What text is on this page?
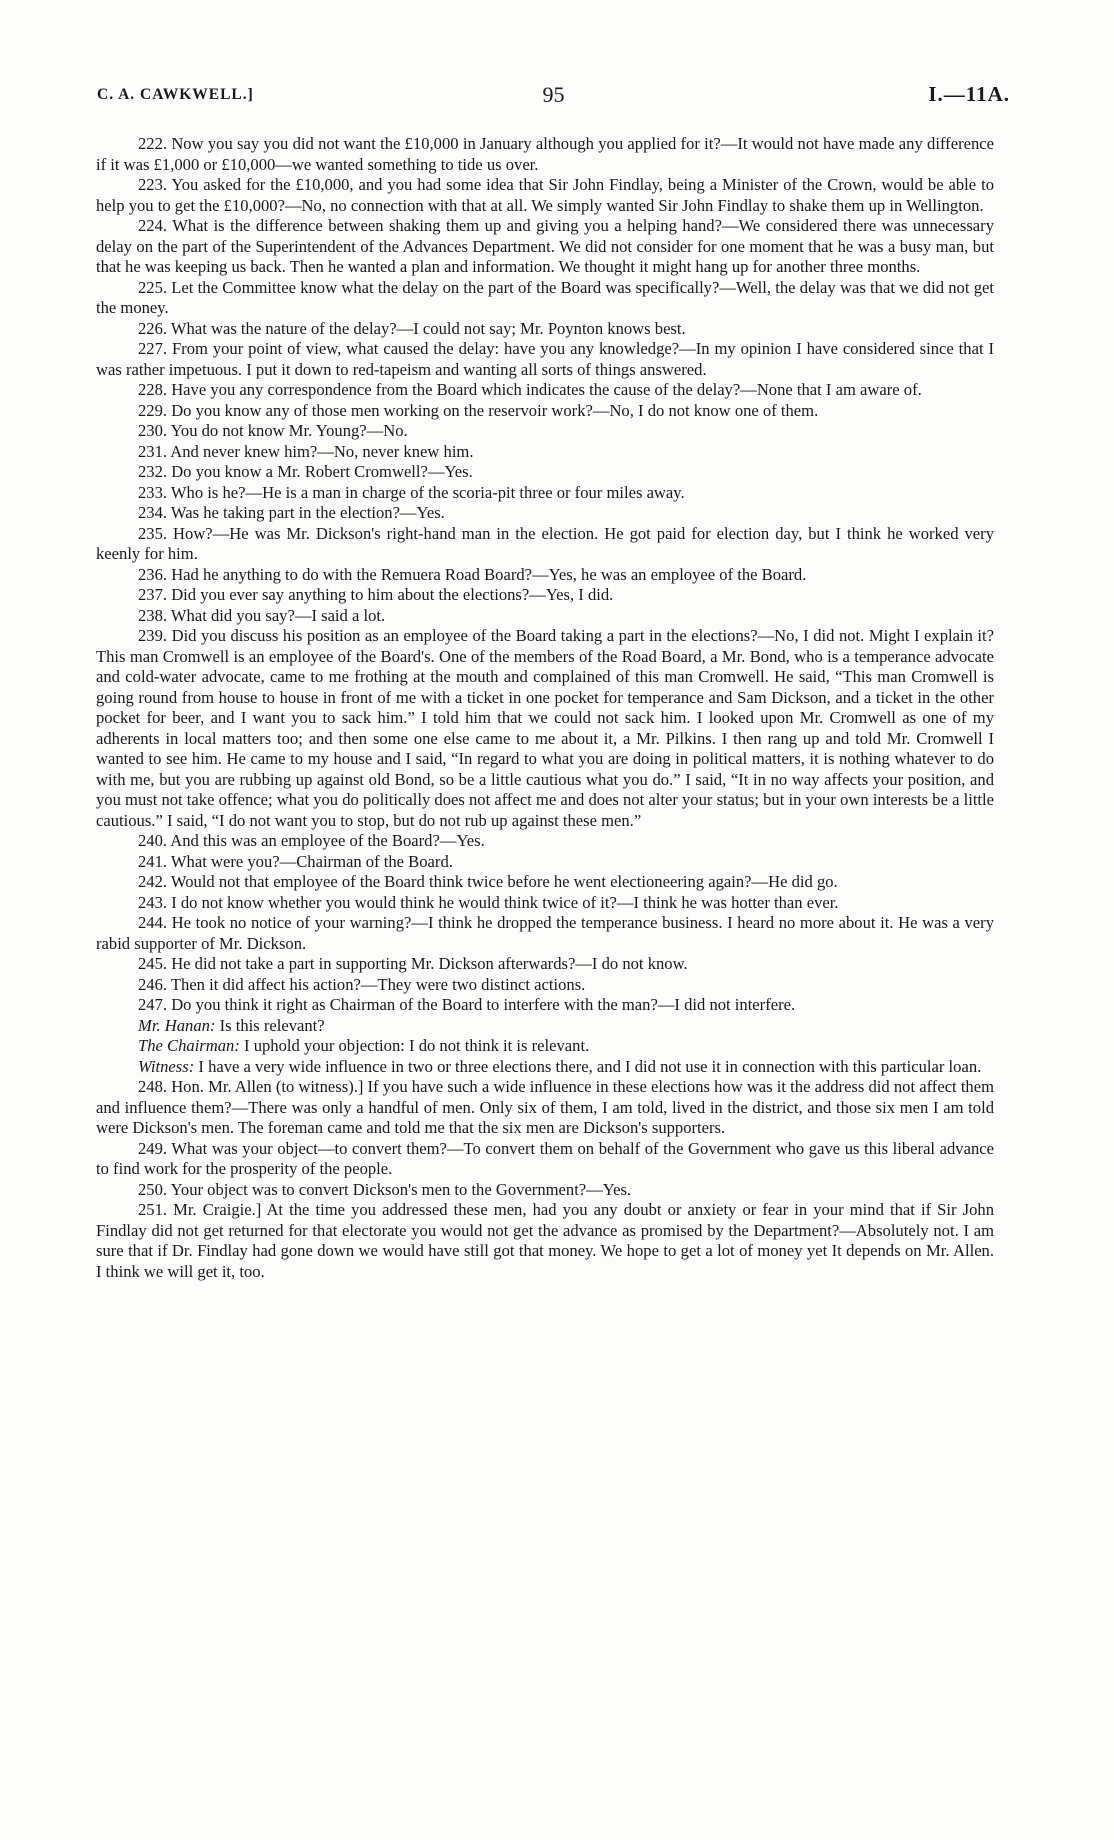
C. A. CAWKWELL.]	95	I.—11A.

222. Now you say you did not want the £10,000 in January although you applied for it?—It would not have made any difference if it was £1,000 or £10,000—we wanted something to tide us over.

223. You asked for the £10,000, and you had some idea that Sir John Findlay, being a Minister of the Crown, would be able to help you to get the £10,000?—No, no connection with that at all. We simply wanted Sir John Findlay to shake them up in Wellington.

224. What is the difference between shaking them up and giving you a helping hand?—We considered there was unnecessary delay on the part of the Superintendent of the Advances Department. We did not consider for one moment that he was a busy man, but that he was keeping us back. Then he wanted a plan and information. We thought it might hang up for another three months.

225. Let the Committee know what the delay on the part of the Board was specifically?—Well, the delay was that we did not get the money.

226. What was the nature of the delay?—I could not say; Mr. Poynton knows best.

227. From your point of view, what caused the delay: have you any knowledge?—In my opinion I have considered since that I was rather impetuous. I put it down to red-tapeism and wanting all sorts of things answered.

228. Have you any correspondence from the Board which indicates the cause of the delay?—None that I am aware of.

229. Do you know any of those men working on the reservoir work?—No, I do not know one of them.

230. You do not know Mr. Young?—No.

231. And never knew him?—No, never knew him.

232. Do you know a Mr. Robert Cromwell?—Yes.

233. Who is he?—He is a man in charge of the scoria-pit three or four miles away.

234. Was he taking part in the election?—Yes.

235. How?—He was Mr. Dickson's right-hand man in the election. He got paid for election day, but I think he worked very keenly for him.

236. Had he anything to do with the Remuera Road Board?—Yes, he was an employee of the Board.

237. Did you ever say anything to him about the elections?—Yes, I did.

238. What did you say?—I said a lot.

239. Did you discuss his position as an employee of the Board taking a part in the elections?—No, I did not. Might I explain it? This man Cromwell is an employee of the Board's. One of the members of the Road Board, a Mr. Bond, who is a temperance advocate and cold-water advocate, came to me frothing at the mouth and complained of this man Cromwell. He said, “This man Cromwell is going round from house to house in front of me with a ticket in one pocket for temperance and Sam Dickson, and a ticket in the other pocket for beer, and I want you to sack him.” I told him that we could not sack him. I looked upon Mr. Cromwell as one of my adherents in local matters too; and then some one else came to me about it, a Mr. Pilkins. I then rang up and told Mr. Cromwell I wanted to see him. He came to my house and I said, “In regard to what you are doing in political matters, it is nothing whatever to do with me, but you are rubbing up against old Bond, so be a little cautious what you do.” I said, “It in no way affects your position, and you must not take offence; what you do politically does not affect me and does not alter your status; but in your own interests be a little cautious.” I said, “I do not want you to stop, but do not rub up against these men.”

240. And this was an employee of the Board?—Yes.

241. What were you?—Chairman of the Board.

242. Would not that employee of the Board think twice before he went electioneering again?—He did go.

243. I do not know whether you would think he would think twice of it?—I think he was hotter than ever.

244. He took no notice of your warning?—I think he dropped the temperance business. I heard no more about it. He was a very rabid supporter of Mr. Dickson.

245. He did not take a part in supporting Mr. Dickson afterwards?—I do not know.

246. Then it did affect his action?—They were two distinct actions.

247. Do you think it right as Chairman of the Board to interfere with the man?—I did not interfere.

Mr. Hanan: Is this relevant?

The Chairman: I uphold your objection: I do not think it is relevant.

Witness: I have a very wide influence in two or three elections there, and I did not use it in connection with this particular loan.

248. Hon. Mr. Allen (to witness).] If you have such a wide influence in these elections how was it the address did not affect them and influence them?—There was only a handful of men. Only six of them, I am told, lived in the district, and those six men I am told were Dickson's men. The foreman came and told me that the six men are Dickson's supporters.

249. What was your object—to convert them?—To convert them on behalf of the Government who gave us this liberal advance to find work for the prosperity of the people.

250. Your object was to convert Dickson's men to the Government?—Yes.

251. Mr. Craigie.] At the time you addressed these men, had you any doubt or anxiety or fear in your mind that if Sir John Findlay did not get returned for that electorate you would not get the advance as promised by the Department?—Absolutely not. I am sure that if Dr. Findlay had gone down we would have still got that money. We hope to get a lot of money yet It depends on Mr. Allen. I think we will get it, too.
